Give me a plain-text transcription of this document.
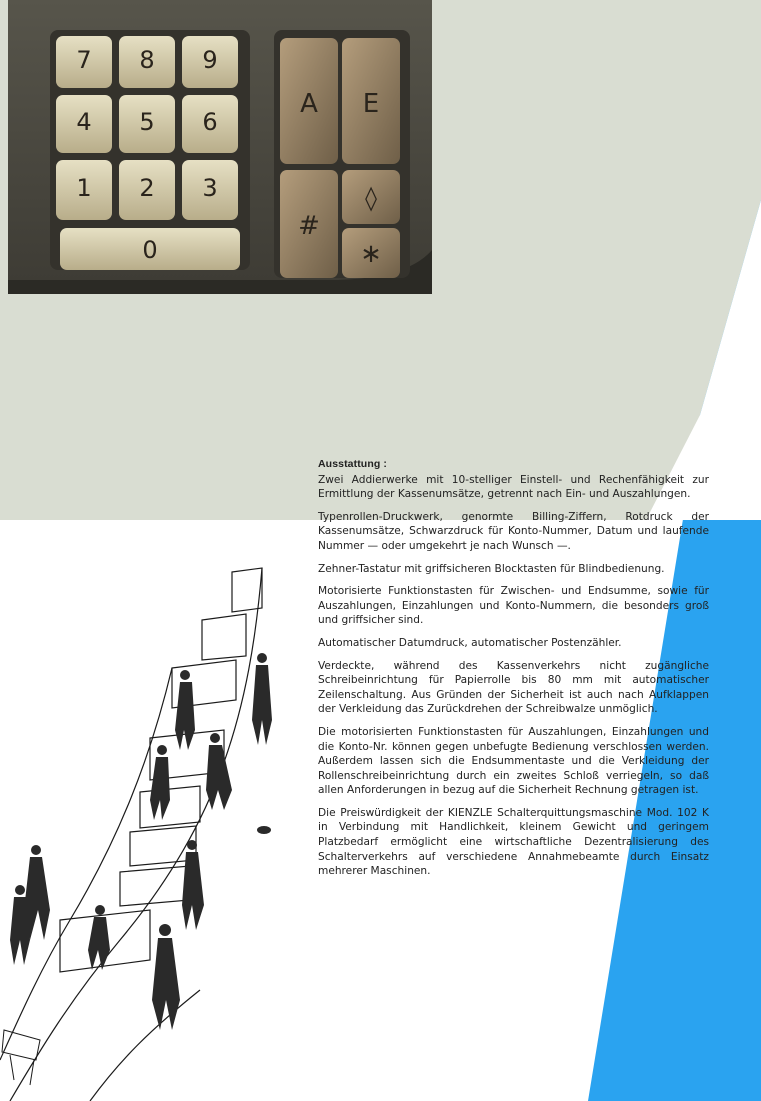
7 8 9
4 5 6
1 2 3
0
A E
#
◊
∗
Ausstattung :

Zwei Addierwerke mit 10-stelliger Einstell- und Rechenfähigkeit zur Ermittlung der Kassenumsätze, getrennt nach Ein- und Auszahlungen.

Typenrollen-Druckwerk, genormte Billing-Ziffern, Rotdruck der Kassenumsätze, Schwarzdruck für Konto-Nummer, Datum und laufende Nummer — oder umgekehrt je nach Wunsch —.

Zehner-Tastatur mit griffsicheren Blocktasten für Blindbedienung.

Motorisierte Funktionstasten für Zwischen- und Endsumme, sowie für Auszahlungen, Einzahlungen und Konto-Nummern, die besonders groß und griffsicher sind.

Automatischer Datumdruck, automatischer Postenzähler.

Verdeckte, während des Kassenverkehrs nicht zugängliche Schreibeinrichtung für Papierrolle bis 80 mm mit automatischer Zeilenschaltung. Aus Gründen der Sicherheit ist auch nach Aufklappen der Verkleidung das Zurückdrehen der Schreibwalze unmöglich.

Die motorisierten Funktionstasten für Auszahlungen, Einzahlungen und die Konto-Nr. können gegen unbefugte Bedienung verschlossen werden. Außerdem lassen sich die Endsummentaste und die Verkleidung der Rollenschreibeinrichtung durch ein zweites Schloß verriegeln, so daß allen Anforderungen in bezug auf die Sicherheit Rechnung getragen ist.

Die Preiswürdigkeit der KIENZLE Schalterquittungsmaschine Mod. 102 K in Verbindung mit Handlichkeit, kleinem Gewicht und geringem Platzbedarf ermöglicht eine wirtschaftliche Dezentralisierung des Schalterverkehrs auf verschiedene Annahmebeamte durch Einsatz mehrerer Maschinen.
